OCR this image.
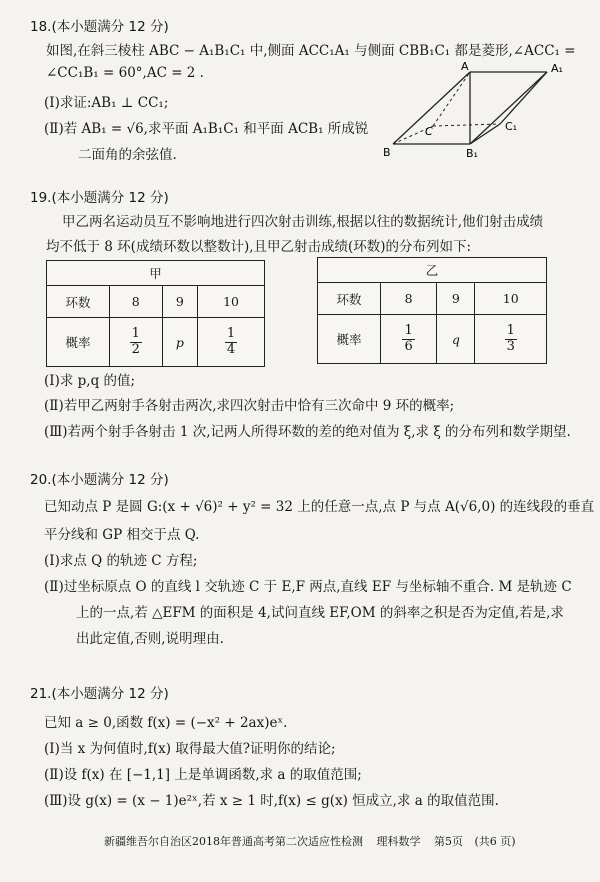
18.(本小题满分 12 分)
如图,在斜三棱柱 ABC − A₁B₁C₁ 中,侧面 ACC₁A₁ 与侧面 CBB₁C₁ 都是菱形,∠ACC₁ =
∠CC₁B₁ = 60°,AC = 2 .
(Ⅰ)求证:AB₁ ⊥ CC₁;
(Ⅱ)若 AB₁ = √6,求平面 A₁B₁C₁ 和平面 ACB₁ 所成锐
二面角的余弦值.
A	A₁
C	C₁
B	B₁
19.(本小题满分 12 分)
甲乙两名运动员互不影响地进行四次射击训练,根据以往的数据统计,他们射击成绩
均不低于 8 环(成绩环数以整数计),且甲乙射击成绩(环数)的分布列如下:
甲			
环数	8	9	10
概率	$\frac{1}{2}$	p	$\frac{1}{4}$
乙			
环数	8	9	10
概率	$\frac{1}{6}$	q	$\frac{1}{3}$
(Ⅰ)求 p,q 的值;
(Ⅱ)若甲乙两射手各射击两次,求四次射击中恰有三次命中 9 环的概率;
(Ⅲ)若两个射手各射击 1 次,记两人所得环数的差的绝对值为 ξ,求 ξ 的分布列和数学期望.
20.(本小题满分 12 分)
已知动点 P 是圆 G:(x + √6)² + y² = 32 上的任意一点,点 P 与点 A(√6,0) 的连线段的垂直
平分线和 GP 相交于点 Q.
(Ⅰ)求点 Q 的轨迹 C 方程;
(Ⅱ)过坐标原点 O 的直线 l 交轨迹 C 于 E,F 两点,直线 EF 与坐标轴不重合. M 是轨迹 C
上的一点,若 △EFM 的面积是 4,试问直线 EF,OM 的斜率之积是否为定值,若是,求
出此定值,否则,说明理由.
21.(本小题满分 12 分)
已知 a ≥ 0,函数 f(x) = (−x² + 2ax)eˣ.
(Ⅰ)当 x 为何值时,f(x) 取得最大值?证明你的结论;
(Ⅱ)设 f(x) 在 [−1,1] 上是单调函数,求 a 的取值范围;
(Ⅲ)设 g(x) = (x − 1)e²ˣ,若 x ≥ 1 时,f(x) ≤ g(x) 恒成立,求 a 的取值范围.
新疆维吾尔自治区2018年普通高考第二次适应性检测 理科数学 第5页 (共6 页)
